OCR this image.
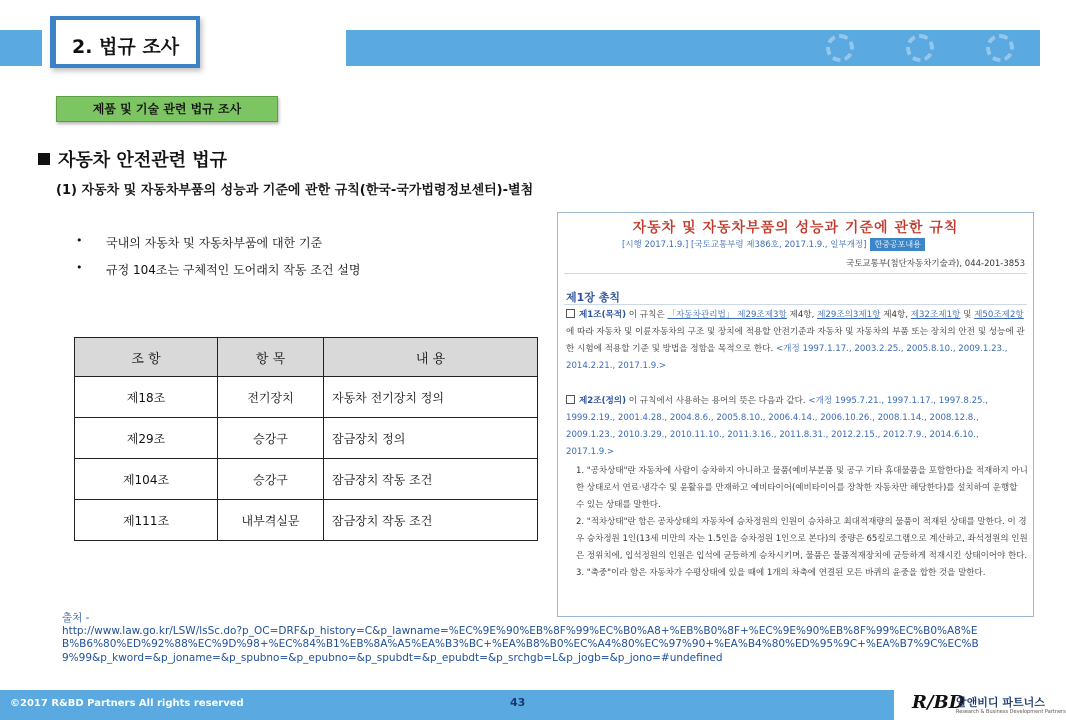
2. 법규 조사
제품 및 기술 관련 법규 조사
자동차 안전관련 법규
(1) 자동차 및 자동차부품의 성능과 기준에 관한 규칙(한국-국가법령정보센터)-별첨
• 국내의 자동차 및 자동차부품에 대한 기준
• 규정 104조는 구체적인 도어래치 작동 조건 설명
조 항	항 목	내 용
제18조	전기장치	자동차 전기장치 정의
제29조	승강구	잠금장치 정의
제104조	승강구	잠금장치 작동 조건
제111조	내부격실문	잠금장치 작동 조건
자동차 및 자동차부품의 성능과 기준에 관한 규칙
[시행 2017.1.9.] [국토교통부령 제386호, 2017.1.9., 일부개정] 한중공포내용
국토교통부(첨단자동차기술과), 044-201-3853
제1장 총칙
제1조(목적) 이 규칙은 「자동차관리법」 제29조제3항 제4항, 제29조의3제1항 제4항, 제32조제1항 및 제50조제2항에 따라 자동차 및 이륜자동차의 구조 및 장치에 적용할 안전기준과 자동차 및 자동차의 부품 또는 장치의 안전 및 성능에 관한 시험에 적용할 기준 및 방법을 정함을 목적으로 한다. <개정 1997.1.17., 2003.2.25., 2005.8.10., 2009.1.23., 2014.2.21., 2017.1.9.>
제2조(정의) 이 규칙에서 사용하는 용어의 뜻은 다음과 같다. <개정 1995.7.21., 1997.1.17., 1997.8.25., 1999.2.19., 2001.4.28., 2004.8.6., 2005.8.10., 2006.4.14., 2006.10.26., 2008.1.14., 2008.12.8., 2009.1.23., 2010.3.29., 2010.11.10., 2011.3.16., 2011.8.31., 2012.2.15., 2012.7.9., 2014.6.10., 2017.1.9.>
1. "공차상태"란 자동차에 사람이 승차하지 아니하고 물품(예비부분품 및 공구 기타 휴대물품을 포함한다)을 적재하지 아니한 상태로서 연료·냉각수 및 윤활유를 만재하고 예비타이어(예비타이어를 장착한 자동차만 해당한다)를 설치하여 운행할 수 있는 상태를 말한다.
2. "적차상태"란 함은 공차상태의 자동차에 승차정원의 인원이 승차하고 최대적재량의 물품이 적재된 상태를 말한다. 이 경우 승차정원 1인(13세 미만의 자는 1.5인을 승차정원 1인으로 본다)의 중량은 65킬로그램으로 계산하고, 좌석정원의 인원은 정위치에, 입석정원의 인원은 입석에 균등하게 승차시키며, 물품은 물품적재장치에 균등하게 적재시킨 상태이어야 한다.
3. "축중"이라 함은 자동차가 수평상태에 있을 때에 1개의 차축에 연결된 모든 바퀴의 윤중을 합한 것을 말한다.
출처 -
http://www.law.go.kr/LSW/lsSc.do?p_OC=DRF&p_history=C&p_lawname=%EC%9E%90%EB%8F%99%EC%B0%A8+%EB%B0%8F+%EC%9E%90%EB%8F%99%EC%B0%A8%EB%B6%80%ED%92%88%EC%9D%98+%EC%84%B1%EB%8A%A5%EA%B3%BC+%EA%B8%B0%EC%A4%80%EC%97%90+%EA%B4%80%ED%95%9C+%EA%B7%9C%EC%B9%99&p_kword=&p_joname=&p_spubno=&p_epubno=&p_spubdt=&p_epubdt=&p_srchgb=L&p_jogb=&p_jono=#undefined
©2017 R&BD Partners All rights reserved	43	R/BD
알앤비디 파트너스
Research & Business Development Partners
